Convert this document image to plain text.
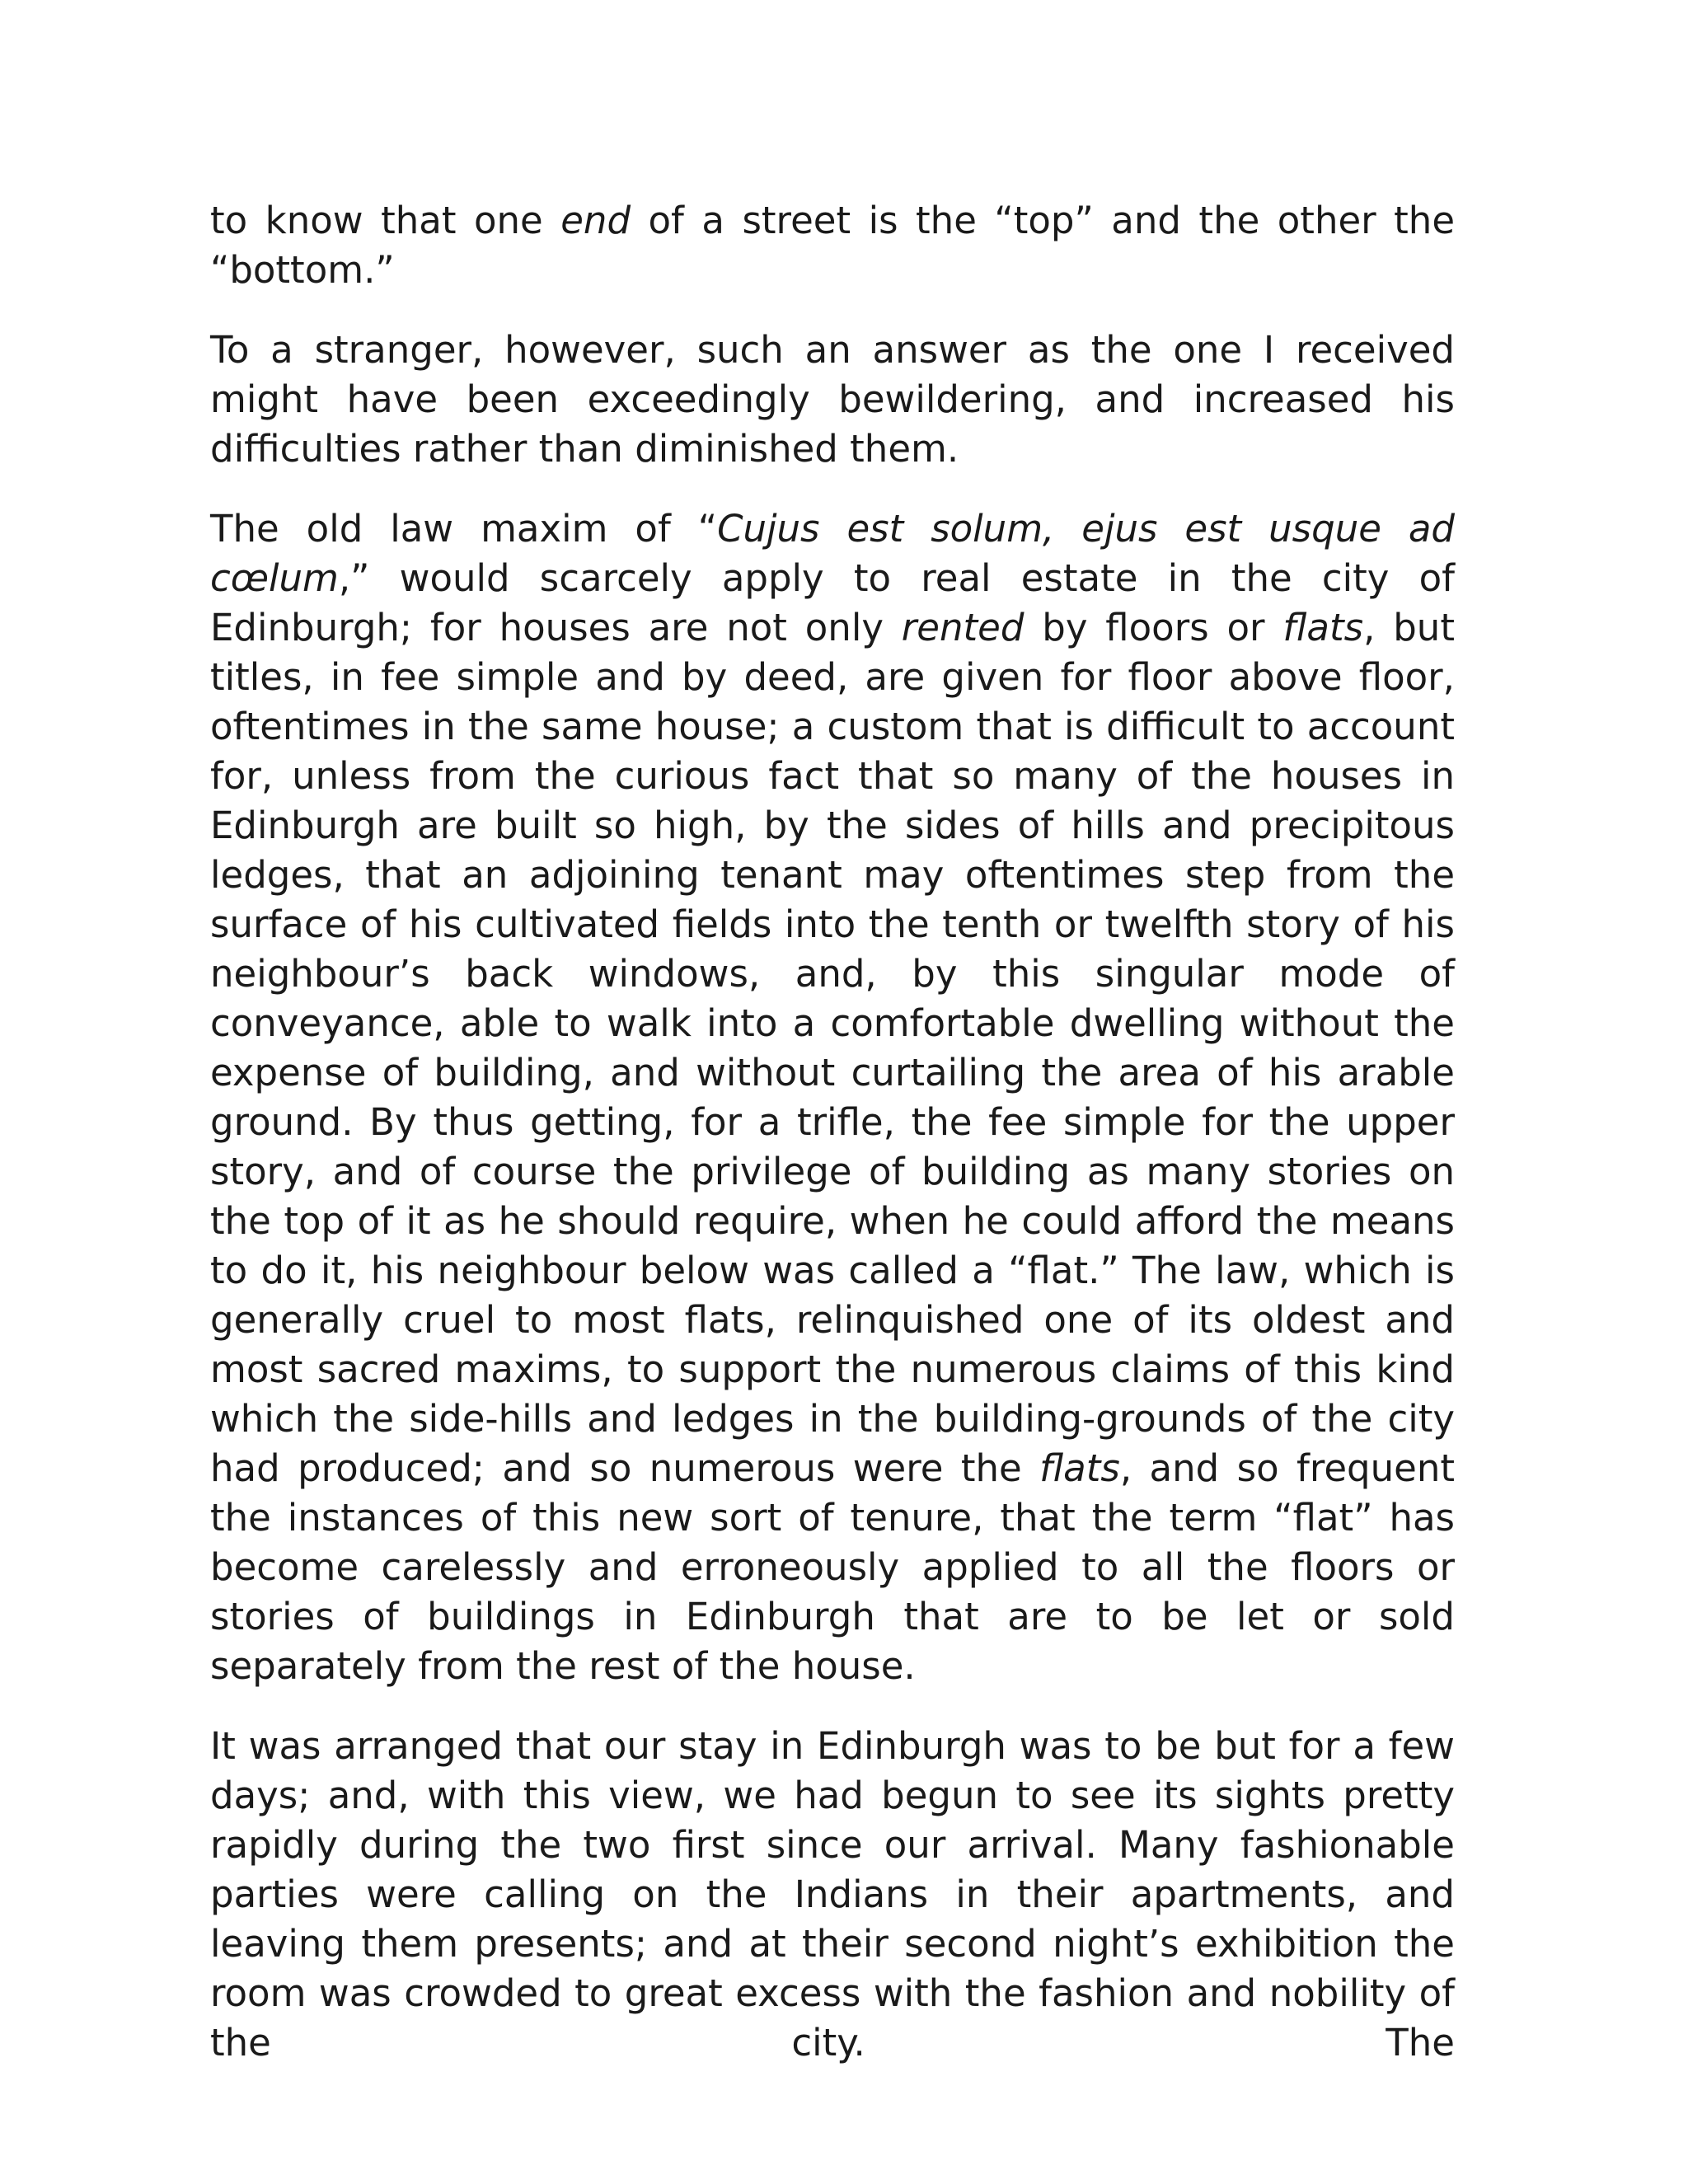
to know that one end of a street is the “top” and the other the “bottom.”

To a stranger, however, such an answer as the one I received might have been exceedingly bewildering, and increased his difficulties rather than diminished them.

The old law maxim of “Cujus est solum, ejus est usque ad cœlum,” would scarcely apply to real estate in the city of Edinburgh; for houses are not only rented by floors or flats, but titles, in fee simple and by deed, are given for floor above floor, oftentimes in the same house; a custom that is difficult to account for, unless from the curious fact that so many of the houses in Edinburgh are built so high, by the sides of hills and precipitous ledges, that an adjoining tenant may oftentimes step from the surface of his cultivated fields into the tenth or twelfth story of his neighbour’s back windows, and, by this singular mode of conveyance, able to walk into a comfortable dwelling without the expense of building, and without curtailing the area of his arable ground. By thus getting, for a trifle, the fee simple for the upper story, and of course the privilege of building as many stories on the top of it as he should require, when he could afford the means to do it, his neighbour below was called a “flat.” The law, which is generally cruel to most flats, relinquished one of its oldest and most sacred maxims, to support the numerous claims of this kind which the side-hills and ledges in the building-grounds of the city had produced; and so numerous were the flats, and so frequent the instances of this new sort of tenure, that the term “flat” has become carelessly and erroneously applied to all the floors or stories of buildings in Edinburgh that are to be let or sold separately from the rest of the house.

It was arranged that our stay in Edinburgh was to be but for a few days; and, with this view, we had begun to see its sights pretty rapidly during the two first since our arrival. Many fashionable parties were calling on the Indians in their apartments, and leaving them presents; and at their second night’s exhibition the room was crowded to great excess with the fashion and nobility of the city. The
